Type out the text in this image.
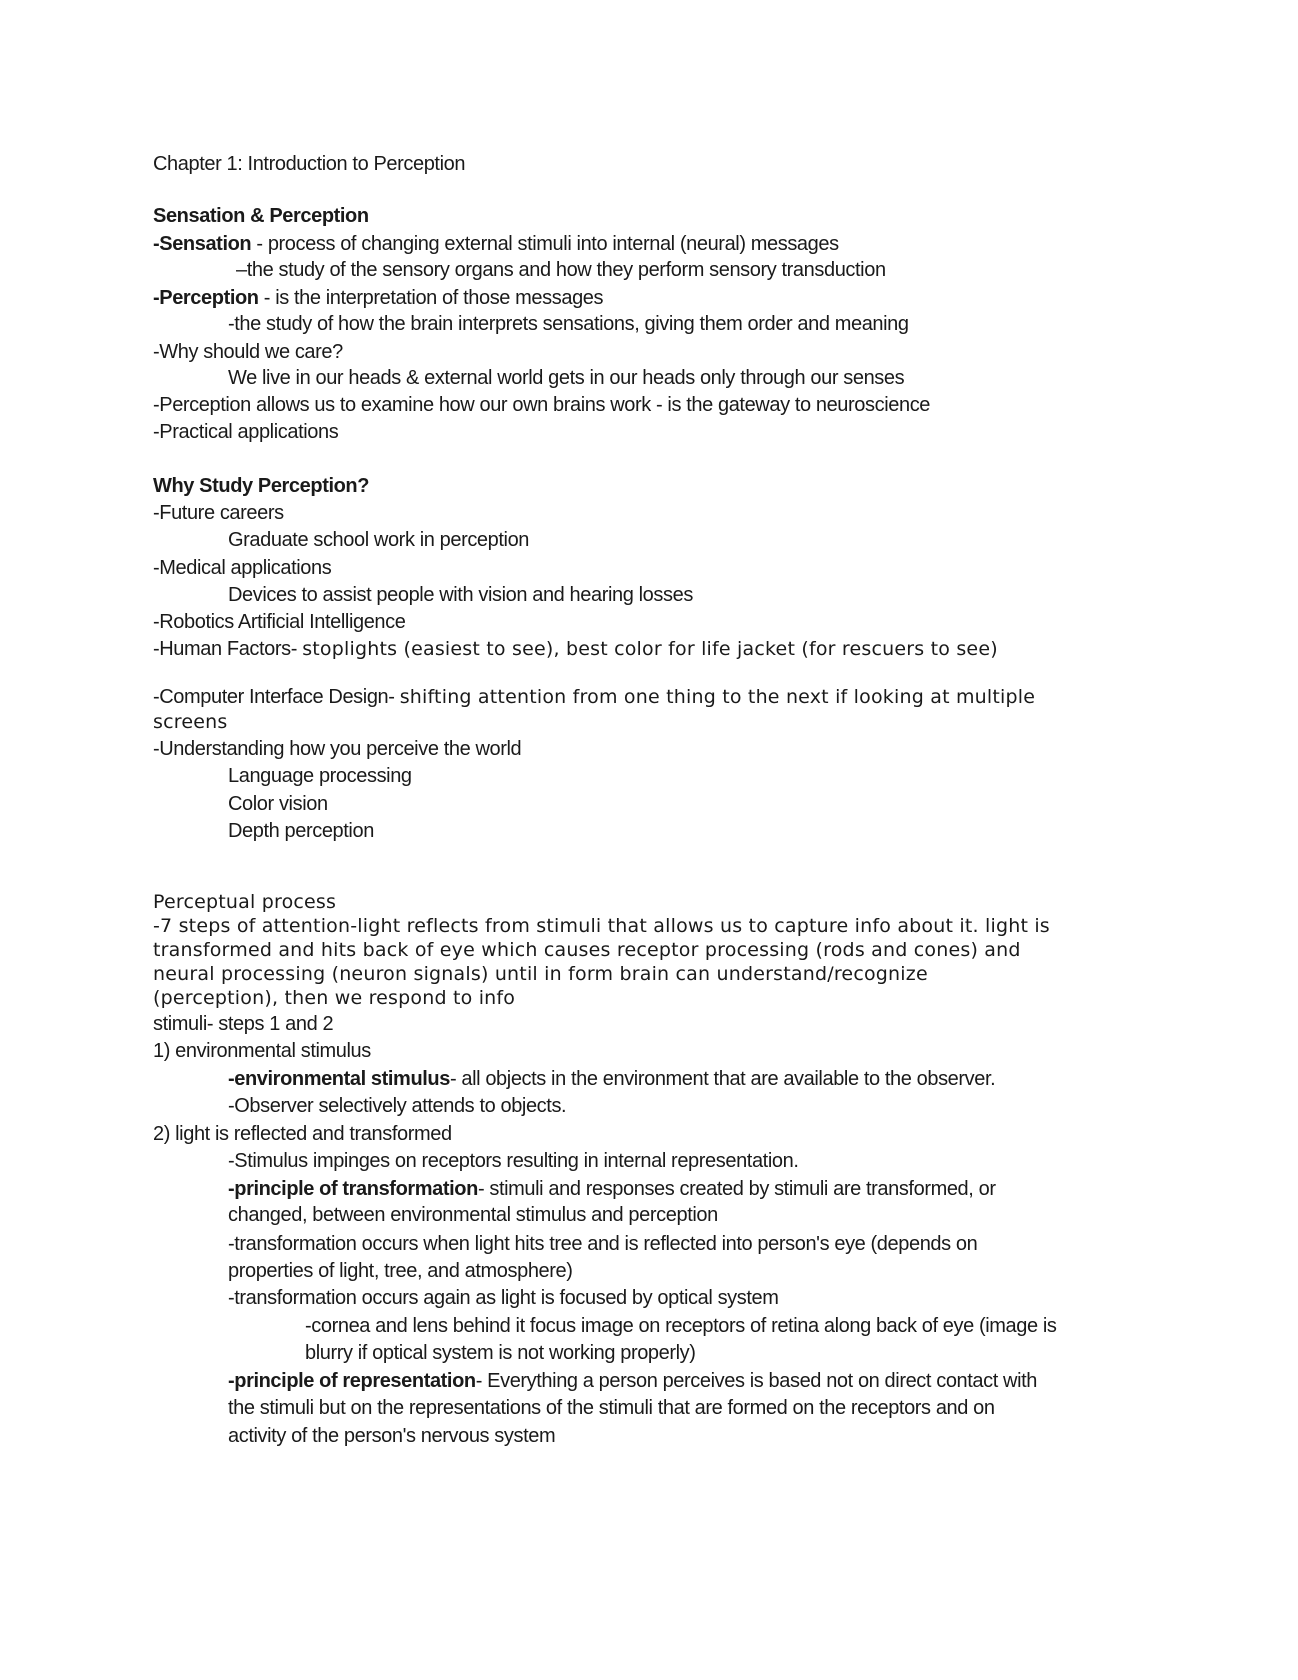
Chapter 1: Introduction to Perception
Sensation & Perception
-Sensation - process of changing external stimuli into internal (neural) messages
–the study of the sensory organs and how they perform sensory transduction
-Perception - is the interpretation of those messages
-the study of how the brain interprets sensations, giving them order and meaning
-Why should we care?
We live in our heads & external world gets in our heads only through our senses
-Perception allows us to examine how our own brains work - is the gateway to neuroscience
-Practical applications
Why Study Perception?
-Future careers
Graduate school work in perception
-Medical applications
Devices to assist people with vision and hearing losses
-Robotics Artificial Intelligence
-Human Factors- stoplights (easiest to see), best color for life jacket (for rescuers to see)
-Computer Interface Design- shifting attention from one thing to the next if looking at multiple
screens
-Understanding how you perceive the world
Language processing
Color vision
Depth perception
Perceptual process
-7 steps of attention-light reflects from stimuli that allows us to capture info about it. light is
transformed and hits back of eye which causes receptor processing (rods and cones) and
neural processing (neuron signals) until in form brain can understand/recognize
(perception), then we respond to info
stimuli- steps 1 and 2
1) environmental stimulus
-environmental stimulus- all objects in the environment that are available to the observer.
-Observer selectively attends to objects.
2) light is reflected and transformed
-Stimulus impinges on receptors resulting in internal representation.
-principle of transformation- stimuli and responses created by stimuli are transformed, or
changed, between environmental stimulus and perception
-transformation occurs when light hits tree and is reflected into person's eye (depends on
properties of light, tree, and atmosphere)
-transformation occurs again as light is focused by optical system
-cornea and lens behind it focus image on receptors of retina along back of eye (image is
blurry if optical system is not working properly)
-principle of representation- Everything a person perceives is based not on direct contact with
the stimuli but on the representations of the stimuli that are formed on the receptors and on
activity of the person's nervous system
